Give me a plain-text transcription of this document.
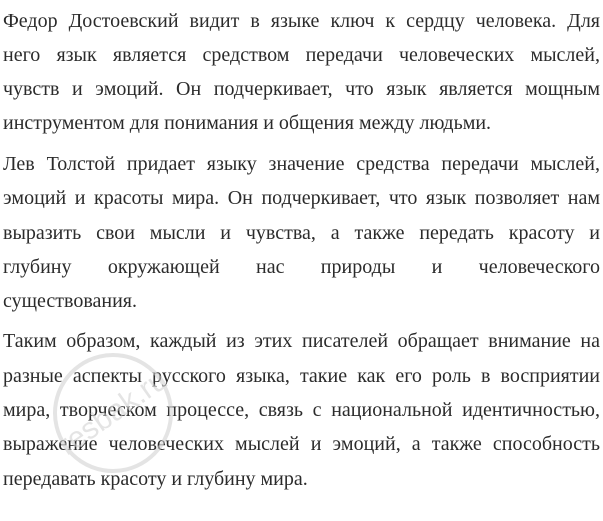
Федор Достоевский видит в языке ключ к сердцу человека. Для
него язык является средством передачи человеческих мыслей,
чувств и эмоций. Он подчеркивает, что язык является мощным
инструментом для понимания и общения между людьми.
Лев Толстой придает языку значение средства передачи мыслей,
эмоций и красоты мира. Он подчеркивает, что язык позволяет нам
выразить свои мысли и чувства, а также передать красоту и
глубину окружающей нас природы и человеческого
существования.
Таким образом, каждый из этих писателей обращает внимание на
разные аспекты русского языка, такие как его роль в восприятии
мира, творческом процессе, связь с национальной идентичностью,
выражение человеческих мыслей и эмоций, а также способность
передавать красоту и глубину мира.
resbak.ru
